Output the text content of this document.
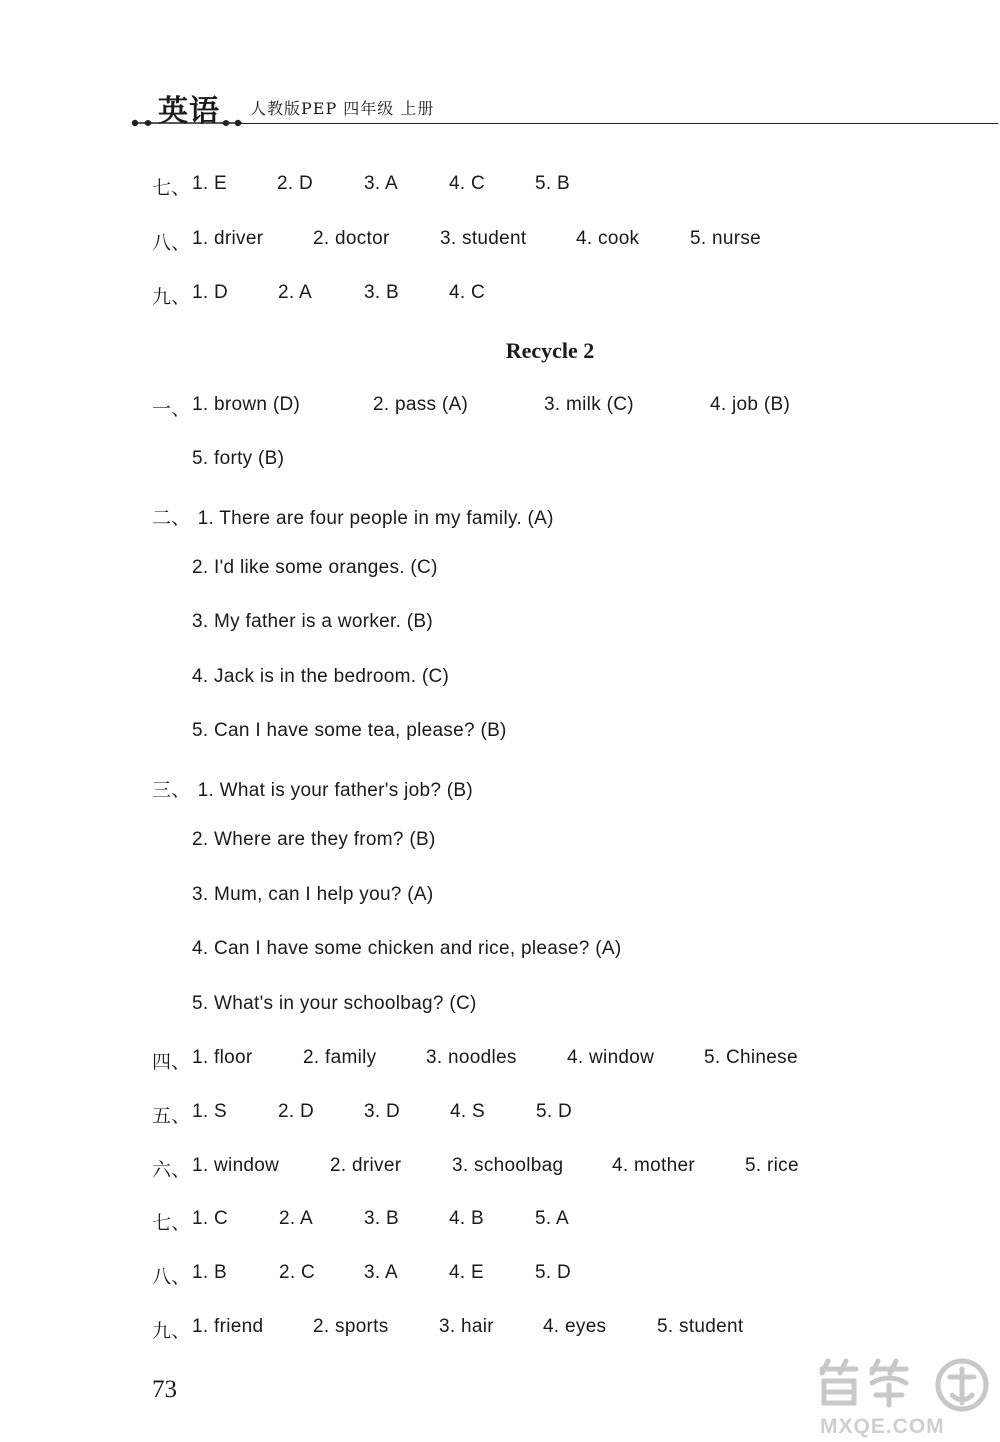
英语 人教版PEP 四年级 上册
七、 1. E	2. D	3. A	4. C	5. B
八、 1. driver	2. doctor	3. student	4. cook	5. nurse
九、 1. D	2. A	3. B	4. C
Recycle 2
一、 1. brown (D)	2. pass (A)	3. milk (C)	4. job (B)
5. forty (B)
二、 1. There are four people in my family. (A)
2. I'd like some oranges. (C)
3. My father is a worker. (B)
4. Jack is in the bedroom. (C)
5. Can I have some tea, please? (B)
三、 1. What is your father's job? (B)
2. Where are they from? (B)
3. Mum, can I help you? (A)
4. Can I have some chicken and rice, please? (A)
5. What's in your schoolbag? (C)
四、 1. floor	2. family	3. noodles	4. window	5. Chinese
五、 1. S	2. D	3. D	4. S	5. D
六、 1. window	2. driver	3. schoolbag	4. mother	5. rice
七、 1. C	2. A	3. B	4. B	5. A
八、 1. B	2. C	3. A	4. E	5. D
九、 1. friend	2. sports	3. hair	4. eyes	5. student
73
MXQE.COM
